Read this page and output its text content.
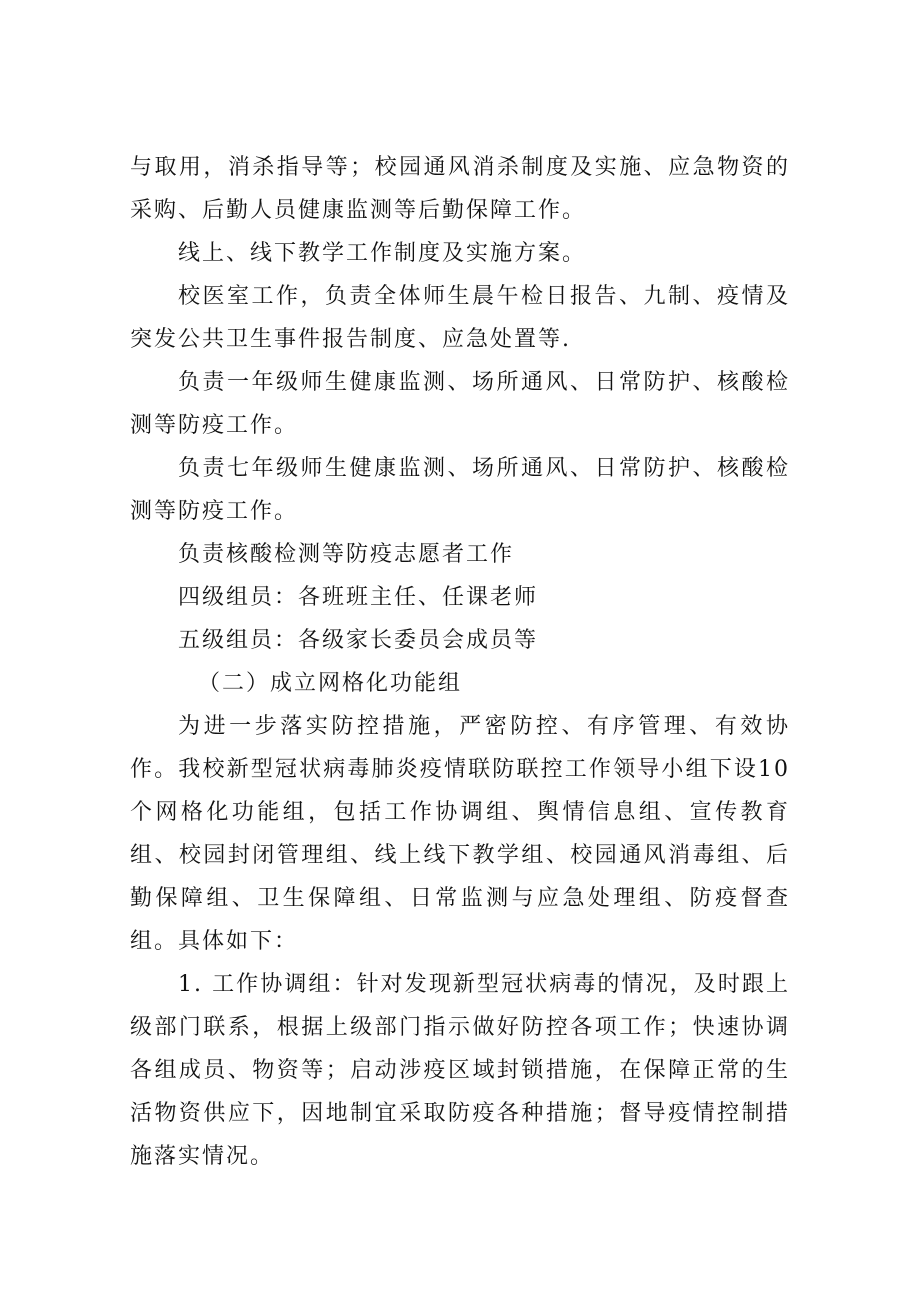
与取用，消杀指导等；校园通风消杀制度及实施、应急物资的采购、后勤人员健康监测等后勤保障工作。

线上、线下教学工作制度及实施方案。

校医室工作，负责全体师生晨午检日报告、九制、疫情及突发公共卫生事件报告制度、应急处置等.

负责一年级师生健康监测、场所通风、日常防护、核酸检测等防疫工作。

负责七年级师生健康监测、场所通风、日常防护、核酸检测等防疫工作。

负责核酸检测等防疫志愿者工作

四级组员：各班班主任、任课老师

五级组员：各级家长委员会成员等

（二）成立网格化功能组

为进一步落实防控措施，严密防控、有序管理、有效协作。我校新型冠状病毒肺炎疫情联防联控工作领导小组下设10个网格化功能组，包括工作协调组、舆情信息组、宣传教育组、校园封闭管理组、线上线下教学组、校园通风消毒组、后勤保障组、卫生保障组、日常监测与应急处理组、防疫督查组。具体如下：

1. 工作协调组：针对发现新型冠状病毒的情况，及时跟上级部门联系，根据上级部门指示做好防控各项工作；快速协调各组成员、物资等；启动涉疫区域封锁措施，在保障正常的生活物资供应下，因地制宜采取防疫各种措施；督导疫情控制措施落实情况。
